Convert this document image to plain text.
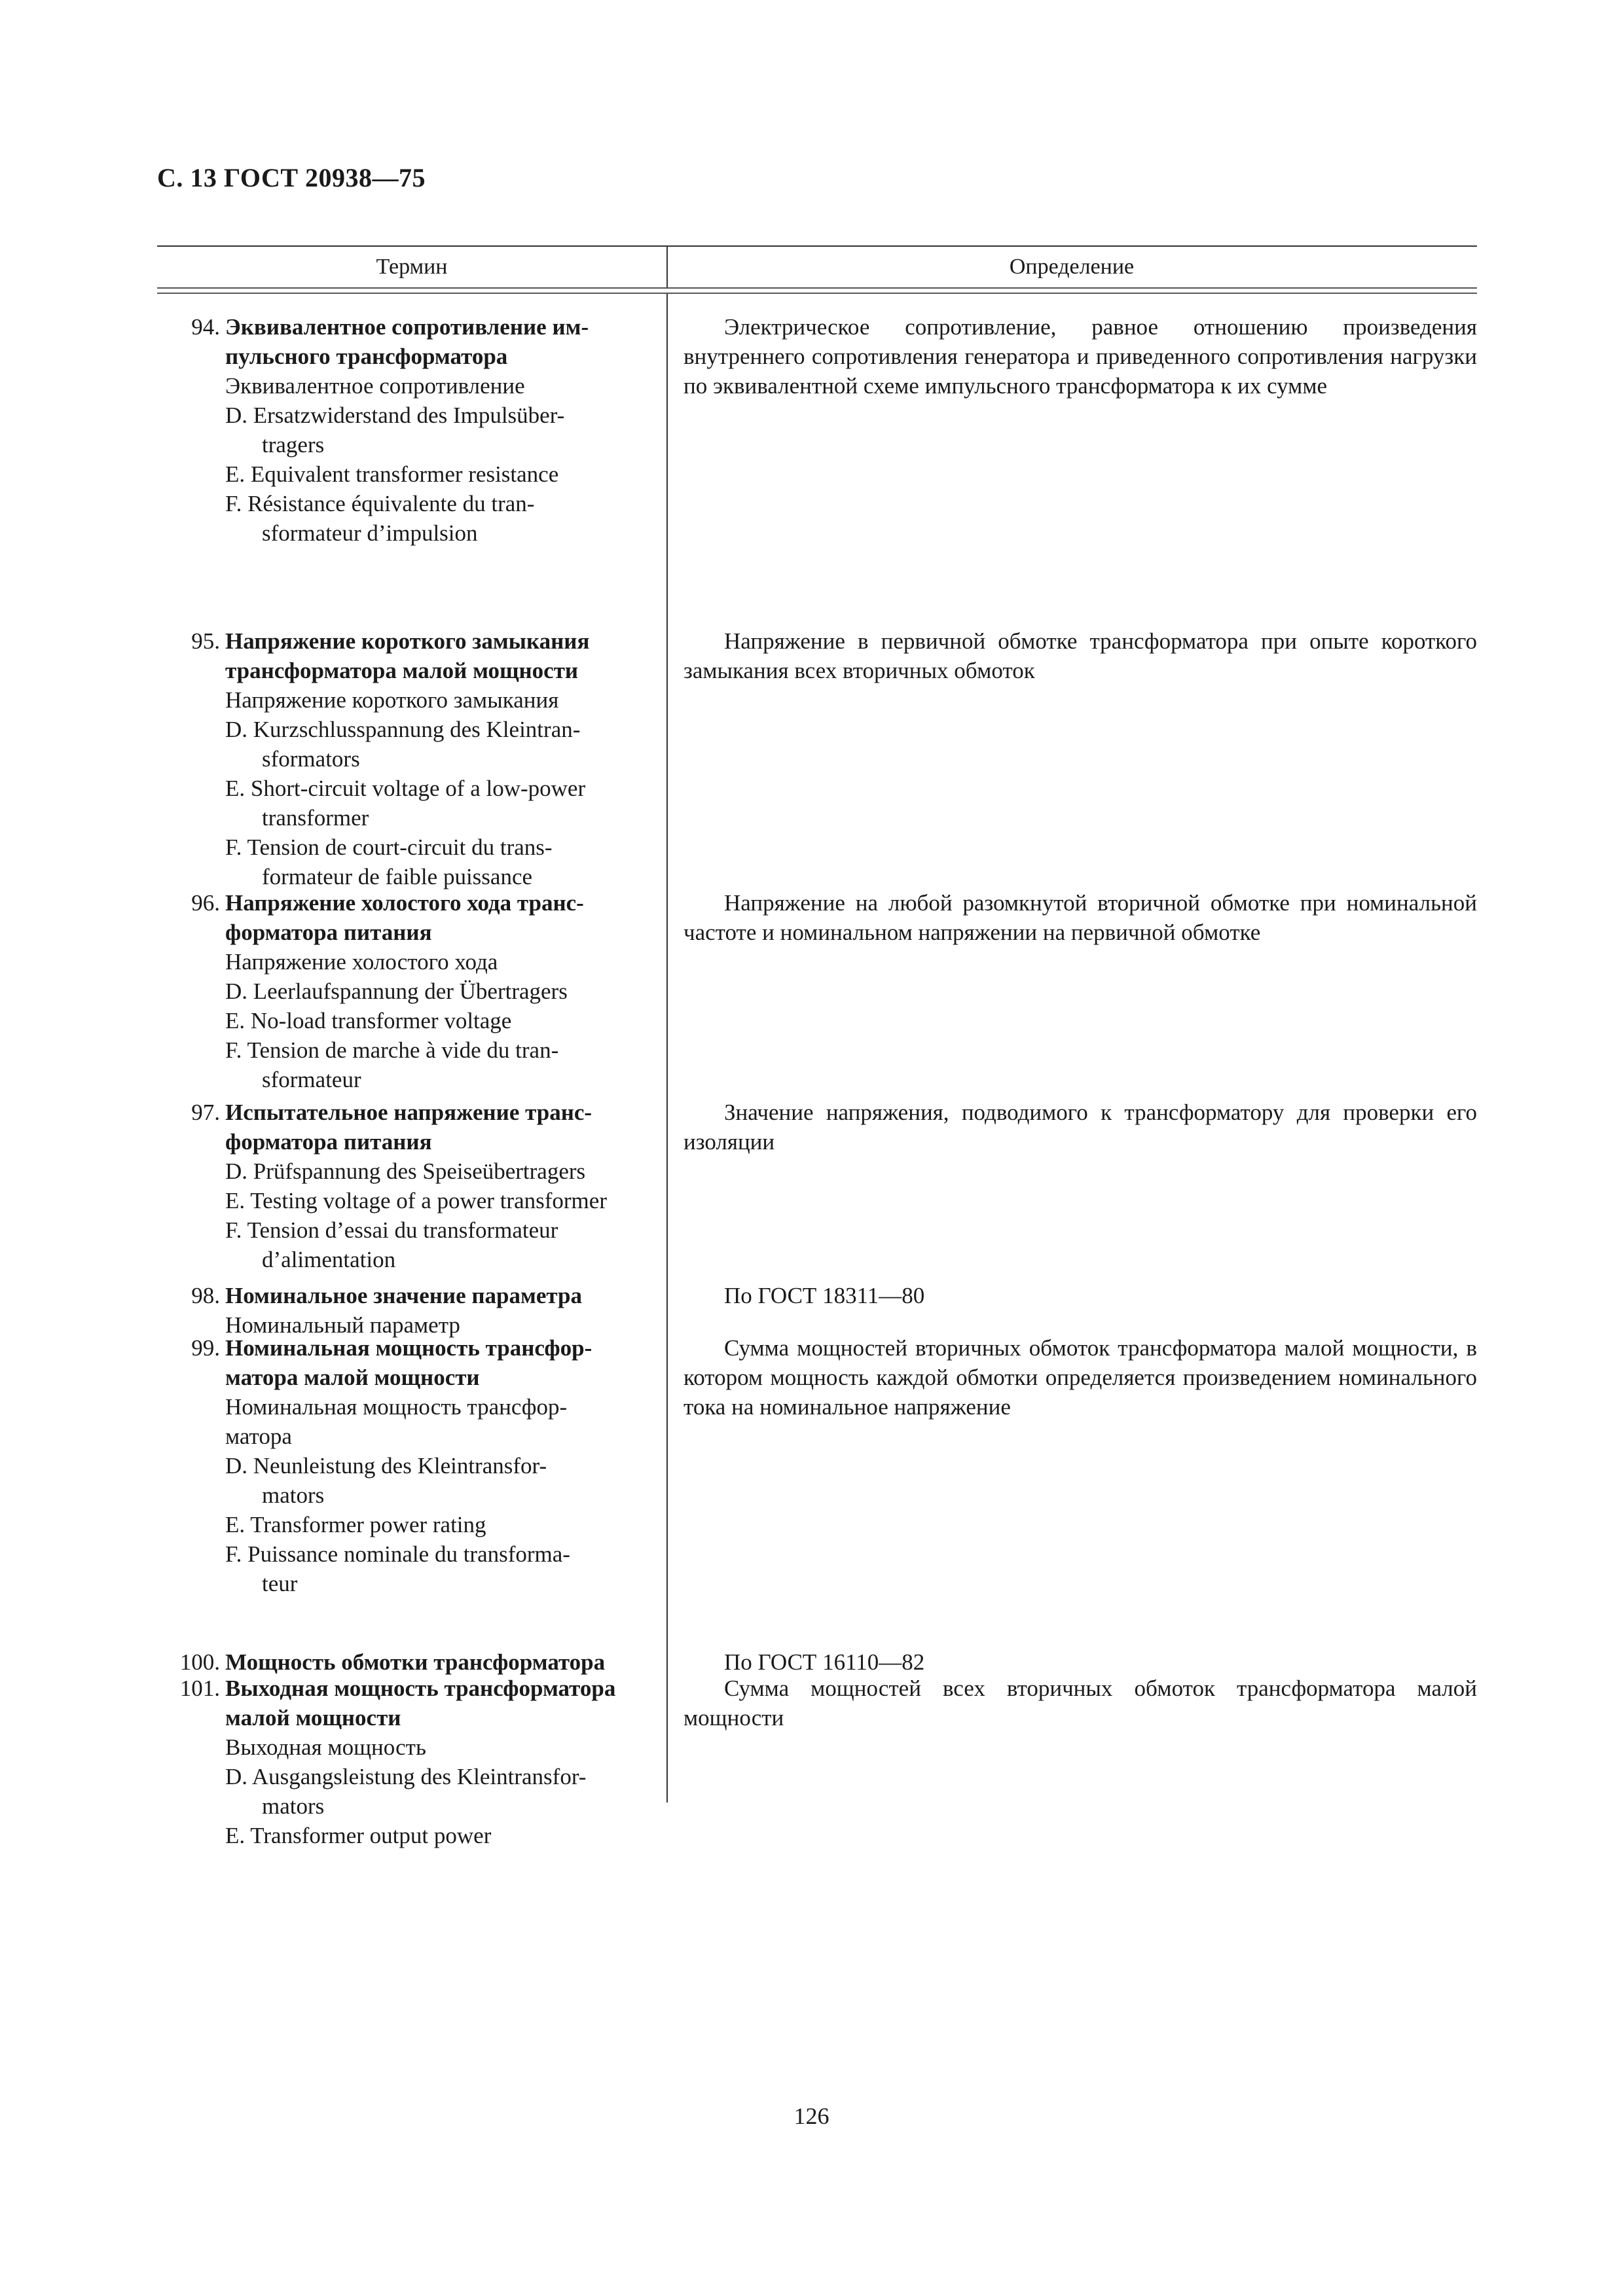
С. 13 ГОСТ 20938—75
Термин	Определение
94. Эквивалентное сопротивление им-
пульсного трансформатора
Эквивалентное сопротивление
D. Ersatzwiderstand des Impulsüber-
tragers
E. Equivalent transformer resistance
F. Résistance équivalente du tran-
sformateur d’impulsion
Электрическое сопротивление, равное отношению произведения внутреннего сопротивления генератора и приведенного сопротивления нагрузки по эквивалентной схеме импульсного трансформатора к их сумме
95. Напряжение короткого замыкания
трансформатора малой мощности
Напряжение короткого замыкания
D. Kurzschlusspannung des Kleintran-
sformators
E. Short-circuit voltage of a low-power
transformer
F. Tension de court-circuit du trans-
formateur de faible puissance
Напряжение в первичной обмотке трансформатора при опыте короткого замыкания всех вторичных обмоток
96. Напряжение холостого хода транс-
форматора питания
Напряжение холостого хода
D. Leerlaufspannung der Übertragers
E. No-load transformer voltage
F. Tension de marche à vide du tran-
sformateur
Напряжение на любой разомкнутой вторичной обмотке при номинальной частоте и номинальном напряжении на первичной обмотке
97. Испытательное напряжение транс-
форматора питания
D. Prüfspannung des Speiseübertragers
E. Testing voltage of a power transformer
F. Tension d’essai du transformateur
d’alimentation
Значение напряжения, подводимого к трансформатору для проверки его изоляции
98. Номинальное значение параметра
Номинальный параметр
По ГОСТ 18311—80
99. Номинальная мощность трансфор-
матора малой мощности
Номинальная мощность трансфор-
матора
D. Neunleistung des Kleintransfor-
mators
E. Transformer power rating
F. Puissance nominale du transforma-
teur
Сумма мощностей вторичных обмоток трансформатора малой мощности, в котором мощность каждой обмотки определяется произведением номинального тока на номинальное напряжение
100. Мощность обмотки трансформатора	По ГОСТ 16110—82
101. Выходная мощность трансформатора
малой мощности
Выходная мощность
D. Ausgangsleistung des Kleintransfor-
mators
E. Transformer output power
Сумма мощностей всех вторичных обмоток трансформатора малой мощности
126
